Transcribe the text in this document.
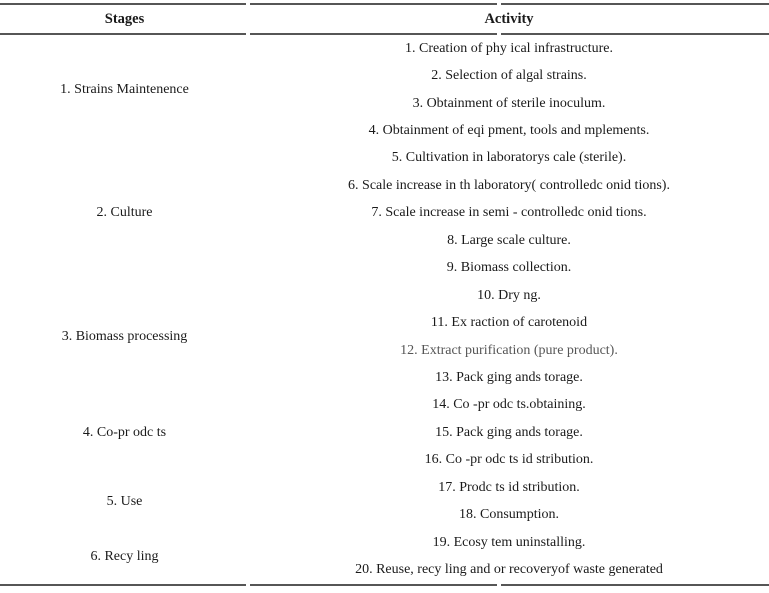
Stages	Activity
1. Strains Maintenence
2. Culture
3. Biomass processing
4. Co-pr odc ts
5. Use
6. Recy ling
1. Creation of phy ical infrastructure.
2. Selection of algal strains.
3. Obtainment of sterile inoculum.
4. Obtainment of eqi pment, tools and mplements.
5. Cultivation in laboratorys cale (sterile).
6. Scale increase in th laboratory( controlledc onid tions).
7. Scale increase in semi - controlledc onid tions.
8. Large scale culture.
9. Biomass collection.
10. Dry ng.
11. Ex raction of carotenoid
12. Extract purification (pure product).
13. Pack ging ands torage.
14. Co -pr odc ts.obtaining.
15. Pack ging ands torage.
16. Co -pr odc ts id stribution.
17. Prodc ts id stribution.
18. Consumption.
19. Ecosy tem uninstalling.
20. Reuse, recy ling and or recoveryof waste generated
